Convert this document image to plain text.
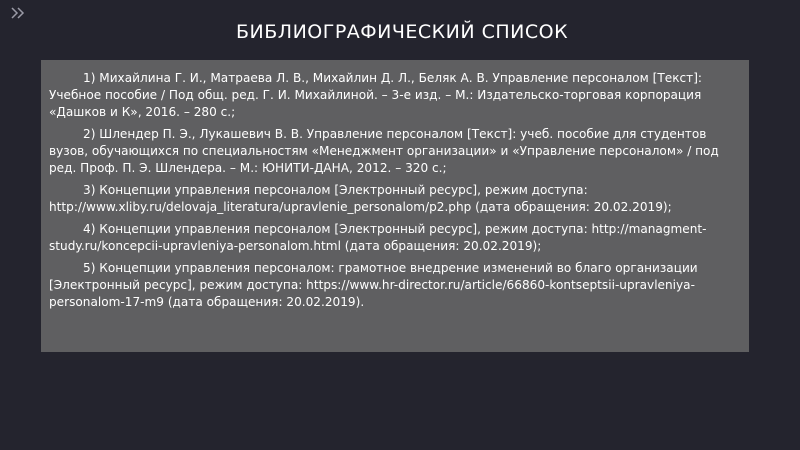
БИБЛИОГРАФИЧЕСКИЙ СПИСОК

1) Михайлина Г. И., Матраева Л. В., Михайлин Д. Л., Беляк А. В. Управление персоналом [Текст]: Учебное пособие / Под общ. ред. Г. И. Михайлиной. – 3-е изд. – М.: Издательско-торговая корпорация «Дашков и К»‚ 2016. – 280 с.;

2) Шлендер П. Э., Лукашевич В. В. Управление персоналом [Текст]: учеб. пособие для студентов вузов, обучающихся по специальностям «Менеджмент организации» и «Управление персоналом» / под ред. Проф. П. Э. Шлендера. – М.: ЮНИТИ-ДАНА, 2012. – 320 с.;

3) Концепции управления персоналом [Электронный ресурс], режим доступа: http://www.xliby.ru/delovaja_literatura/upravlenie_personalom/p2.php (дата обращения: 20.02.2019);

4) Концепции управления персоналом [Электронный ресурс], режим доступа: http://managment-study.ru/koncepcii-upravleniya-personalom.html (дата обращения: 20.02.2019);

5) Концепции управления персоналом: грамотное внедрение изменений во благо организации [Электронный ресурс], режим доступа: https://www.hr-director.ru/article/66860-kontseptsii-upravleniya-personalom-17-m9 (дата обращения: 20.02.2019).
